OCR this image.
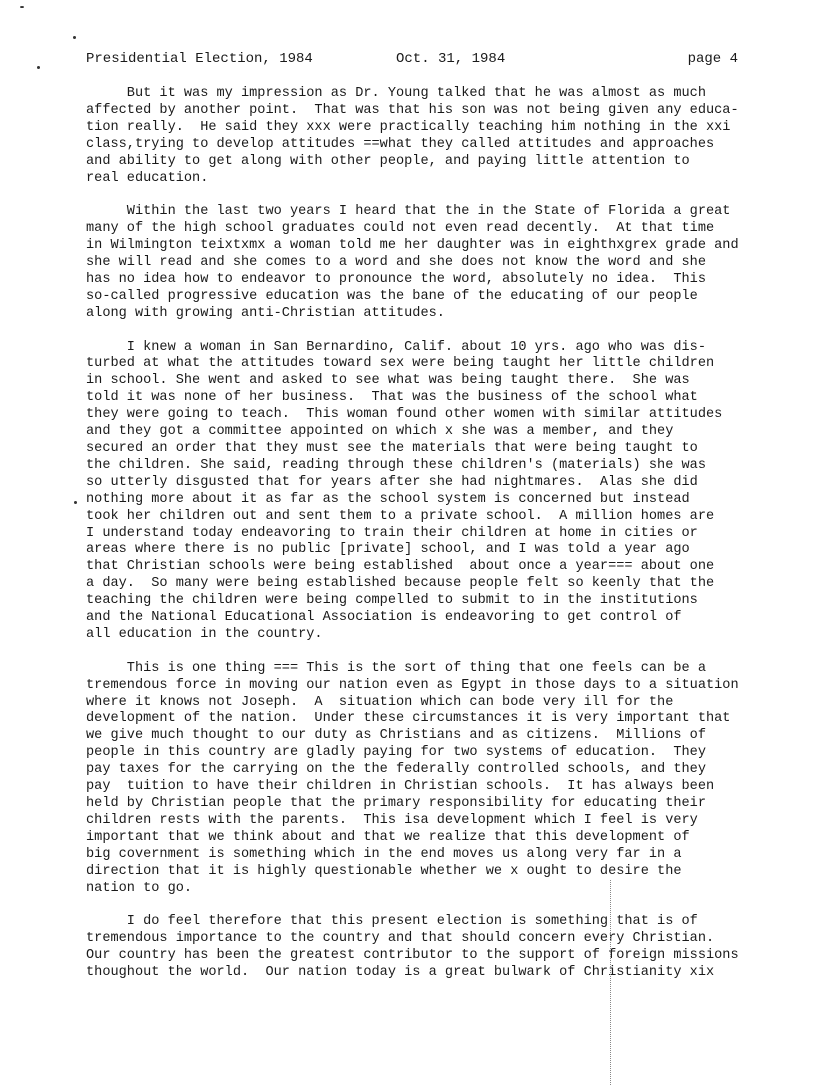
Presidential Election, 1984	Oct. 31, 1984	page 4

But it was my impression as Dr. Young talked that he was almost as much
affected by another point.  That was that his son was not being given any educa-
tion really.  He said they xxx were practically teaching him nothing in the xxi
class,trying to develop attitudes ==what they called attitudes and approaches
and ability to get along with other people, and paying little attention to
real education.

Within the last two years I heard that the in the State of Florida a great
many of the high school graduates could not even read decently.  At that time
in Wilmington teixtxmx a woman told me her daughter was in eighthxgrex grade and
she will read and she comes to a word and she does not know the word and she
has no idea how to endeavor to pronounce the word, absolutely no idea.  This
so-called progressive education was the bane of the educating of our people
along with growing anti-Christian attitudes.

I knew a woman in San Bernardino, Calif. about 10 yrs. ago who was dis-
turbed at what the attitudes toward sex were being taught her little children
in school. She went and asked to see what was being taught there.  She was
told it was none of her business.  That was the business of the school what
they were going to teach.  This woman found other women with similar attitudes
and they got a committee appointed on which x she was a member, and they
secured an order that they must see the materials that were being taught to
the children. She said, reading through these children's (materials) she was
so utterly disgusted that for years after she had nightmares.  Alas she did
nothing more about it as far as the school system is concerned but instead
took her children out and sent them to a private school.  A million homes are
I understand today endeavoring to train their children at home in cities or
areas where there is no public [private] school, and I was told a year ago
that Christian schools were being established  about once a year=== about one
a day.  So many were being established because people felt so keenly that the
teaching the children were being compelled to submit to in the institutions
and the National Educational Association is endeavoring to get control of
all education in the country.

This is one thing === This is the sort of thing that one feels can be a
tremendous force in moving our nation even as Egypt in those days to a situation
where it knows not Joseph.  A  situation which can bode very ill for the
development of the nation.  Under these circumstances it is very important that
we give much thought to our duty as Christians and as citizens.  Millions of
people in this country are gladly paying for two systems of education.  They
pay taxes for the carrying on the the federally controlled schools, and they
pay  tuition to have their children in Christian schools.  It has always been
held by Christian people that the primary responsibility for educating their
children rests with the parents.  This isa development which I feel is very
important that we think about and that we realize that this development of
big covernment is something which in the end moves us along very far in a
direction that it is highly questionable whether we x ought to desire the
nation to go.

I do feel therefore that this present election is something that is of
tremendous importance to the country and that should concern every Christian.
Our country has been the greatest contributor to the support of foreign missions
thoughout the world.  Our nation today is a great bulwark of Christianity xix
